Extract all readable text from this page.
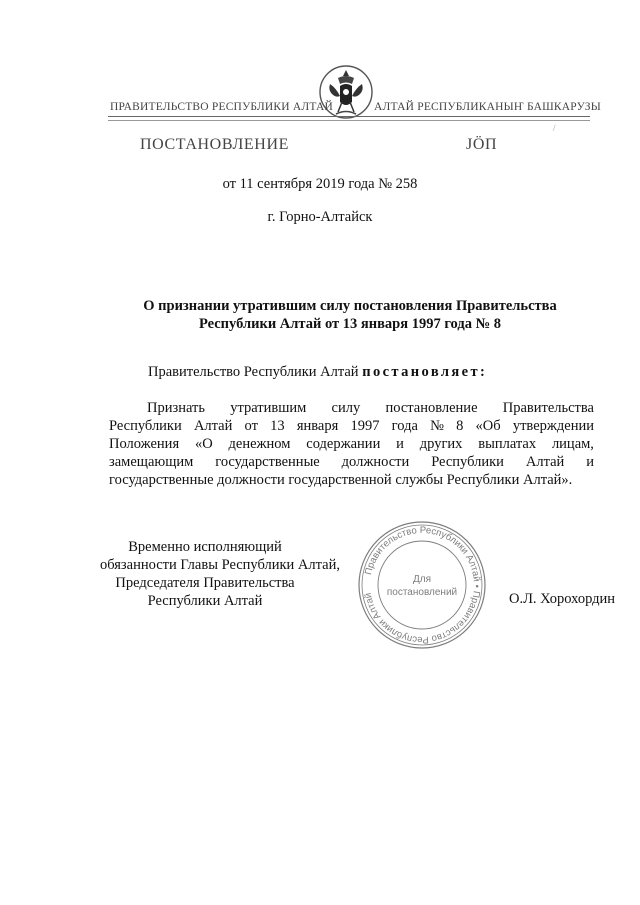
ПРАВИТЕЛЬСТВО РЕСПУБЛИКИ АЛТАЙ	АЛТАЙ РЕСПУБЛИКАНЫҤ БАШКАРУЗЫ
/
ПОСТАНОВЛЕНИЕ	ЈÖП
от 11 сентября 2019 года № 258
г. Горно-Алтайск
О признании утратившим силу постановления Правительства
Республики Алтай от 13 января 1997 года № 8
Правительство Республики Алтай постановляет:
Признать утратившим силу постановление Правительства
Республики Алтай от 13 января 1997 года № 8 «Об утверждении
Положения «О денежном содержании и других выплатах лицам,
замещающим государственные должности Республики Алтай и
государственные должности государственной службы Республики Алтай».
Временно исполняющий
обязанности Главы Республики Алтай,
Председателя Правительства
Республики Алтай	О.Л. Хорохордин
Правительство Республики Алтай • Правительство Республики Алтай
Для
постановлений
